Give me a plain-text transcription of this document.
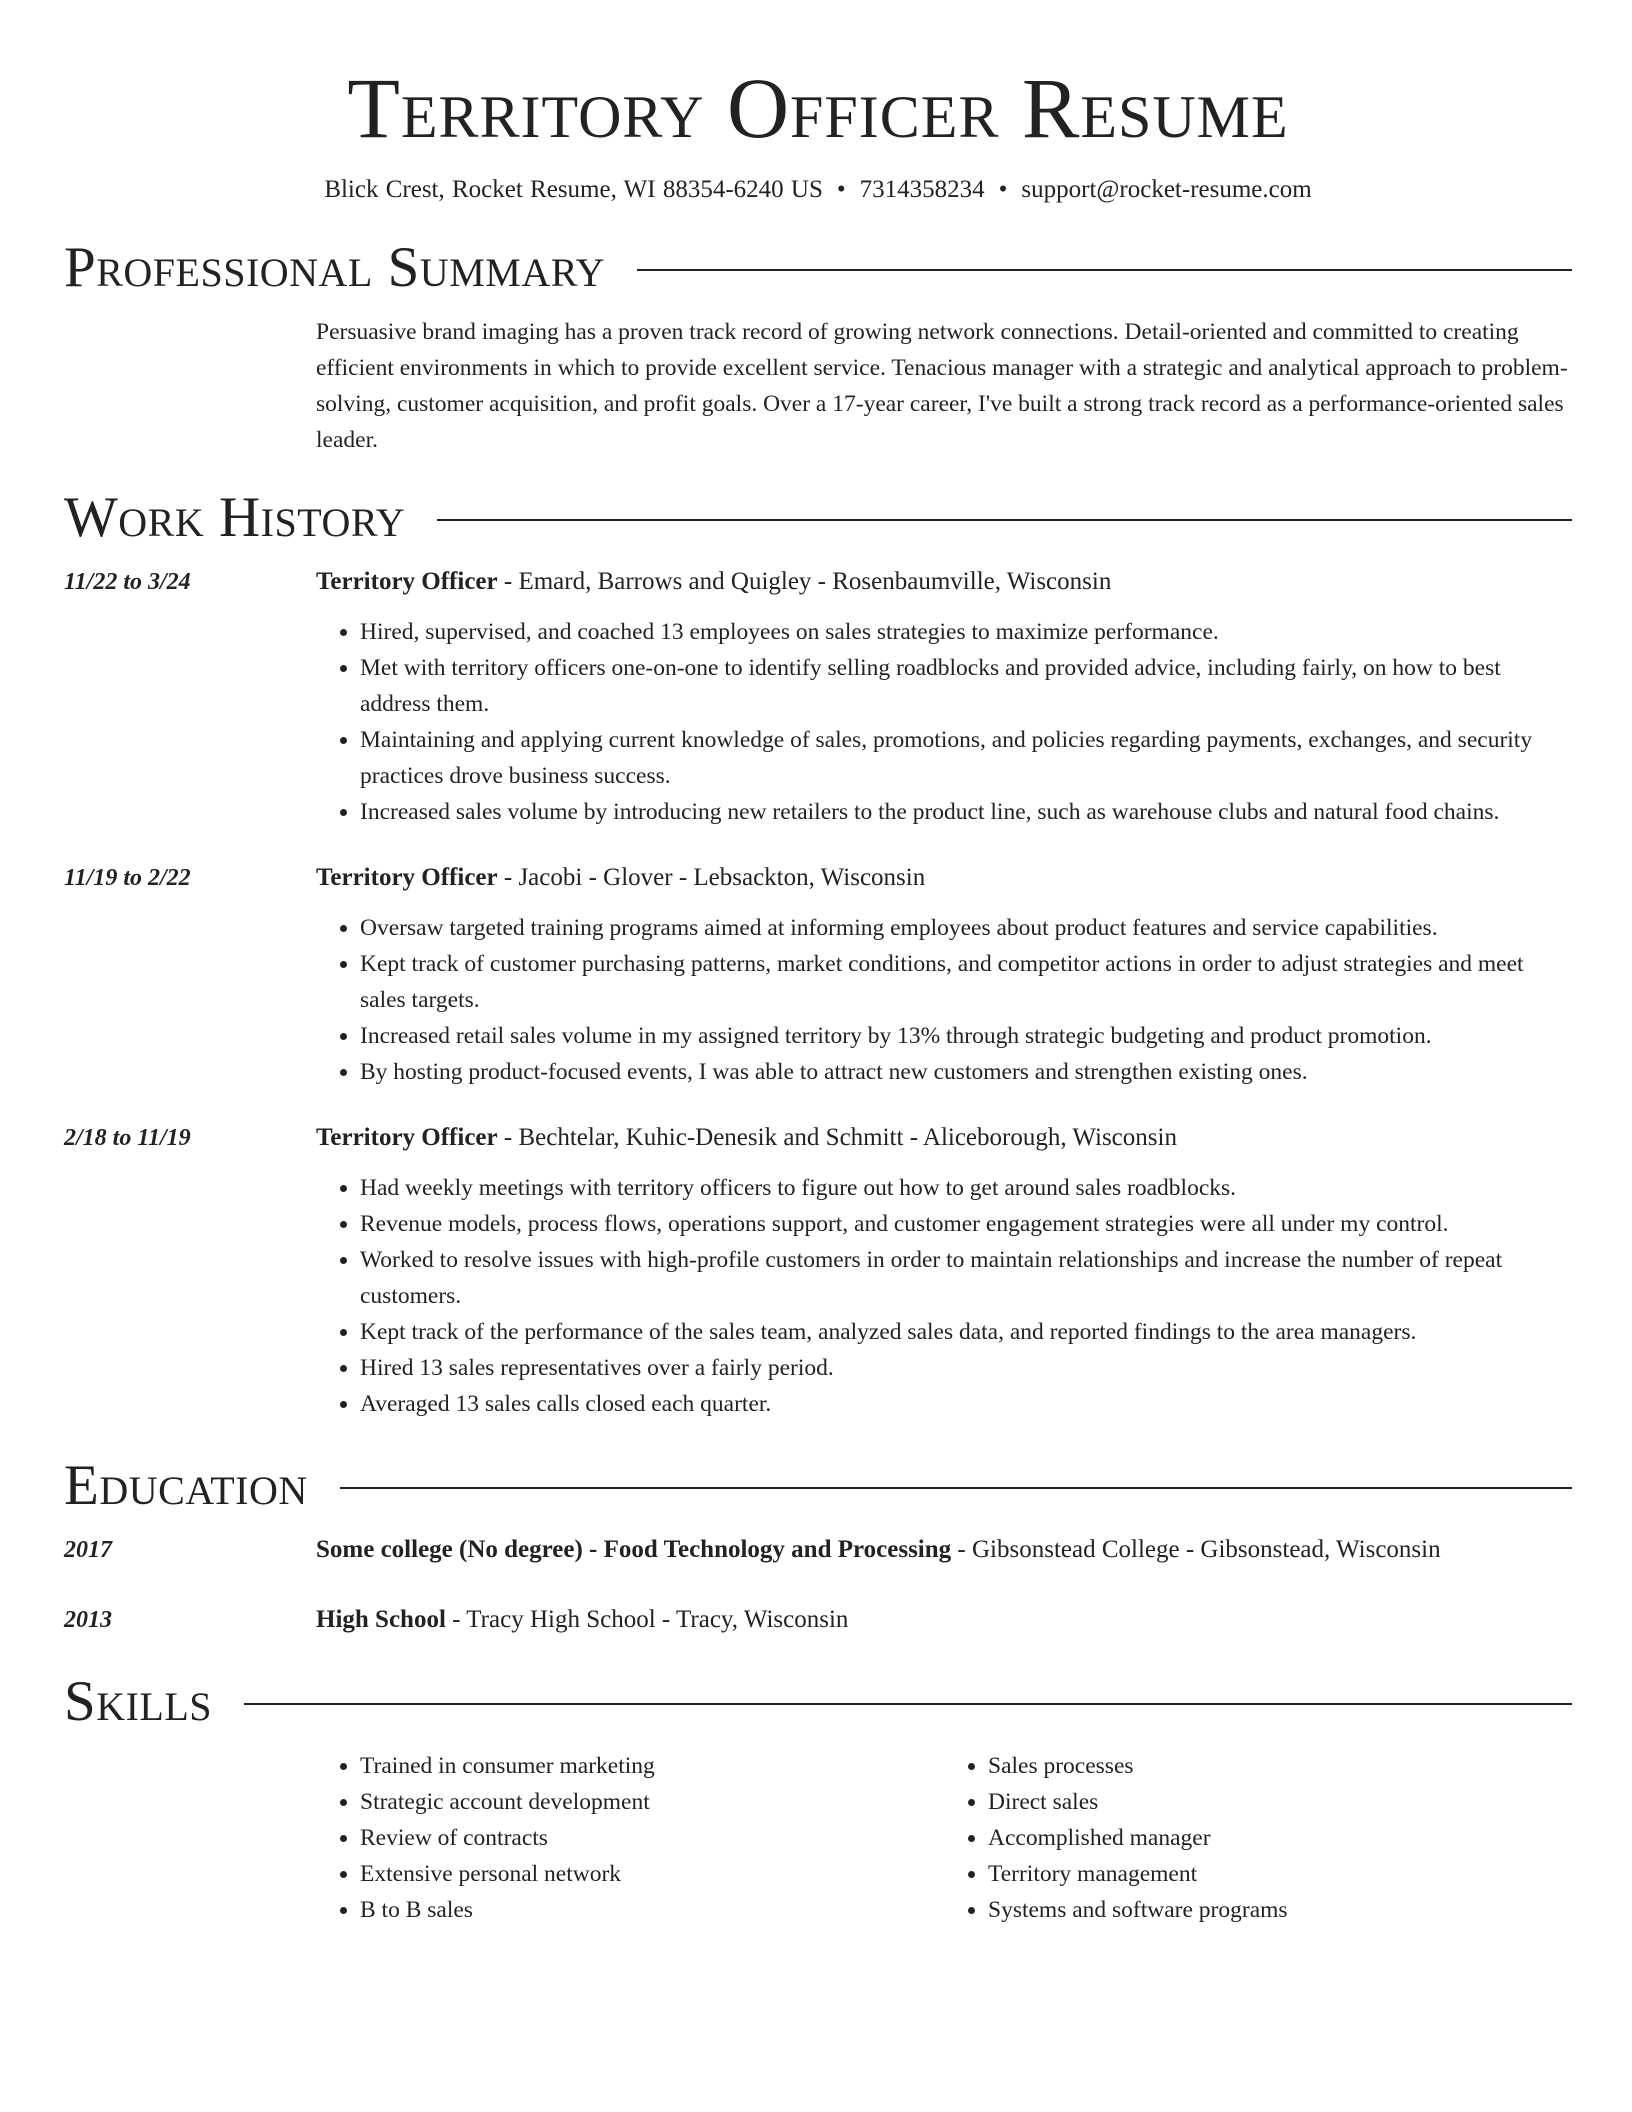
Territory Officer Resume
Blick Crest, Rocket Resume, WI 88354-6240 US • 7314358234 • support@rocket-resume.com
Professional Summary

Persuasive brand imaging has a proven track record of growing network connections. Detail-oriented and committed to creating efficient environments in which to provide excellent service. Tenacious manager with a strategic and analytical approach to problem-solving, customer acquisition, and profit goals. Over a 17-year career, I've built a strong track record as a performance-oriented sales leader.

Work History
11/22 to 3/24	Territory Officer - Emard, Barrows and Quigley - Rosenbaumville, Wisconsin
• Hired, supervised, and coached 13 employees on sales strategies to maximize performance.
• Met with territory officers one-on-one to identify selling roadblocks and provided advice, including fairly, on how to best address them.
• Maintaining and applying current knowledge of sales, promotions, and policies regarding payments, exchanges, and security practices drove business success.
• Increased sales volume by introducing new retailers to the product line, such as warehouse clubs and natural food chains.
11/19 to 2/22	Territory Officer - Jacobi - Glover - Lebsackton, Wisconsin
• Oversaw targeted training programs aimed at informing employees about product features and service capabilities.
• Kept track of customer purchasing patterns, market conditions, and competitor actions in order to adjust strategies and meet sales targets.
• Increased retail sales volume in my assigned territory by 13% through strategic budgeting and product promotion.
• By hosting product-focused events, I was able to attract new customers and strengthen existing ones.
2/18 to 11/19	Territory Officer - Bechtelar, Kuhic-Denesik and Schmitt - Aliceborough, Wisconsin
• Had weekly meetings with territory officers to figure out how to get around sales roadblocks.
• Revenue models, process flows, operations support, and customer engagement strategies were all under my control.
• Worked to resolve issues with high-profile customers in order to maintain relationships and increase the number of repeat customers.
• Kept track of the performance of the sales team, analyzed sales data, and reported findings to the area managers.
• Hired 13 sales representatives over a fairly period.
• Averaged 13 sales calls closed each quarter.
Education
2017	Some college (No degree) - Food Technology and Processing - Gibsonstead College - Gibsonstead, Wisconsin
2013	High School - Tracy High School - Tracy, Wisconsin
Skills
• Trained in consumer marketing
• Strategic account development
• Review of contracts
• Extensive personal network
• B to B sales
• Sales processes
• Direct sales
• Accomplished manager
• Territory management
• Systems and software programs
